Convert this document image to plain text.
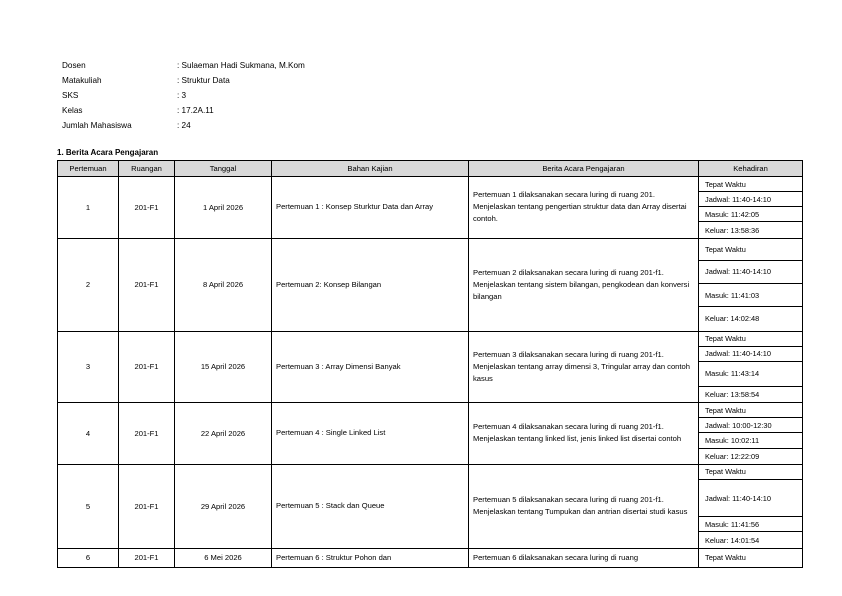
Dosen	: Sulaeman Hadi Sukmana, M.Kom
Matakuliah	: Struktur Data
SKS	: 3
Kelas	: 17.2A.11
Jumlah Mahasiswa	: 24
1. Berita Acara Pengajaran
Pertemuan	Ruangan	Tanggal	Bahan Kajian	Berita Acara Pengajaran	Kehadiran
1	201-F1	1 April 2026	Pertemuan 1 : Konsep Sturktur Data dan Array	Pertemuan 1 dilaksanakan secara luring di ruang 201. Menjelaskan tentang pengertian struktur data dan Array disertai contoh.	Tepat Waktu
					Jadwal: 11:40-14:10
					Masuk: 11:42:05
					Keluar: 13:58:36
2	201-F1	8 April 2026	Pertemuan 2: Konsep Bilangan	Pertemuan 2 dilaksanakan secara luring di ruang 201-f1. Menjelaskan tentang sistem bilangan, pengkodean dan konversi bilangan	Tepat Waktu
					Jadwal: 11:40-14:10
					Masuk: 11:41:03
					Keluar: 14:02:48
3	201-F1	15 April 2026	Pertemuan 3 : Array Dimensi Banyak	Pertemuan 3 dilaksanakan secara luring di ruang 201-f1. Menjelaskan tentang array dimensi 3, Tringular array dan contoh kasus	Tepat Waktu
					Jadwal: 11:40-14:10
					Masuk: 11:43:14
					Keluar: 13:58:54
4	201-F1	22 April 2026	Pertemuan 4 : Single Linked List	Pertemuan 4 dilaksanakan secara luring di ruang 201-f1. Menjelaskan tentang linked list, jenis linked list disertai contoh	Tepat Waktu
					Jadwal: 10:00-12:30
					Masuk: 10:02:11
					Keluar: 12:22:09
5	201-F1	29 April 2026	Pertemuan 5 : Stack dan Queue	Pertemuan 5 dilaksanakan secara luring di ruang 201-f1. Menjelaskan tentang Tumpukan dan antrian disertai studi kasus	Tepat Waktu
					Jadwal: 11:40-14:10
					Masuk: 11:41:56
					Keluar: 14:01:54
6	201-F1	6 Mei 2026	Pertemuan 6 : Struktur Pohon dan	Pertemuan 6 dilaksanakan secara luring di ruang	Tepat Waktu
